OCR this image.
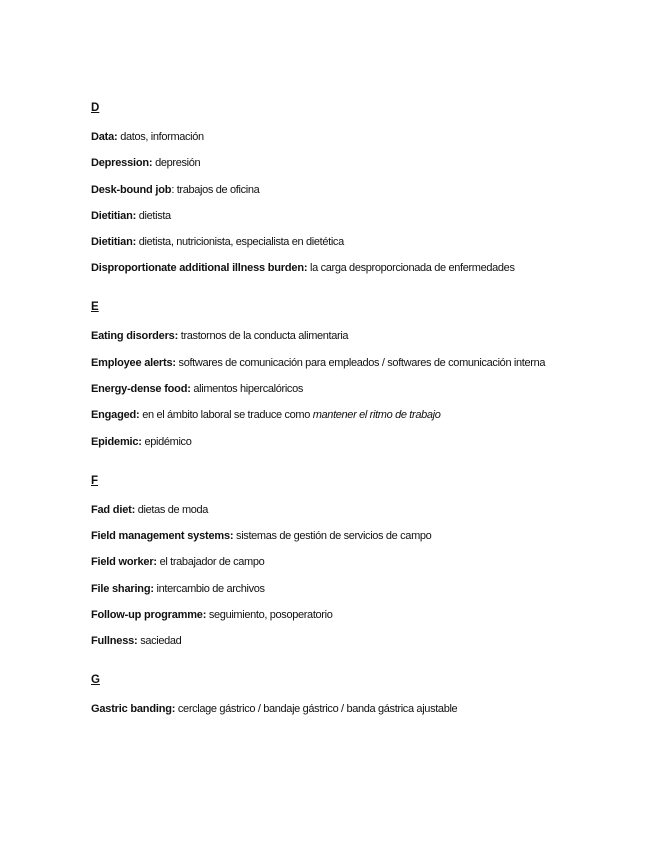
D

Data: datos, información

Depression: depresión

Desk-bound job: trabajos de oficina

Dietitian: dietista

Dietitian: dietista, nutricionista, especialista en dietética

Disproportionate additional illness burden: la carga desproporcionada de enfermedades

E

Eating disorders: trastornos de la conducta alimentaria

Employee alerts: softwares de comunicación para empleados / softwares de comunicación interna

Energy-dense food: alimentos hipercalóricos

Engaged: en el ámbito laboral se traduce como mantener el ritmo de trabajo

Epidemic: epidémico

F

Fad diet: dietas de moda

Field management systems: sistemas de gestión de servicios de campo

Field worker: el trabajador de campo

File sharing: intercambio de archivos

Follow-up programme: seguimiento, posoperatorio

Fullness: saciedad

G

Gastric banding: cerclage gástrico / bandaje gástrico / banda gástrica ajustable
